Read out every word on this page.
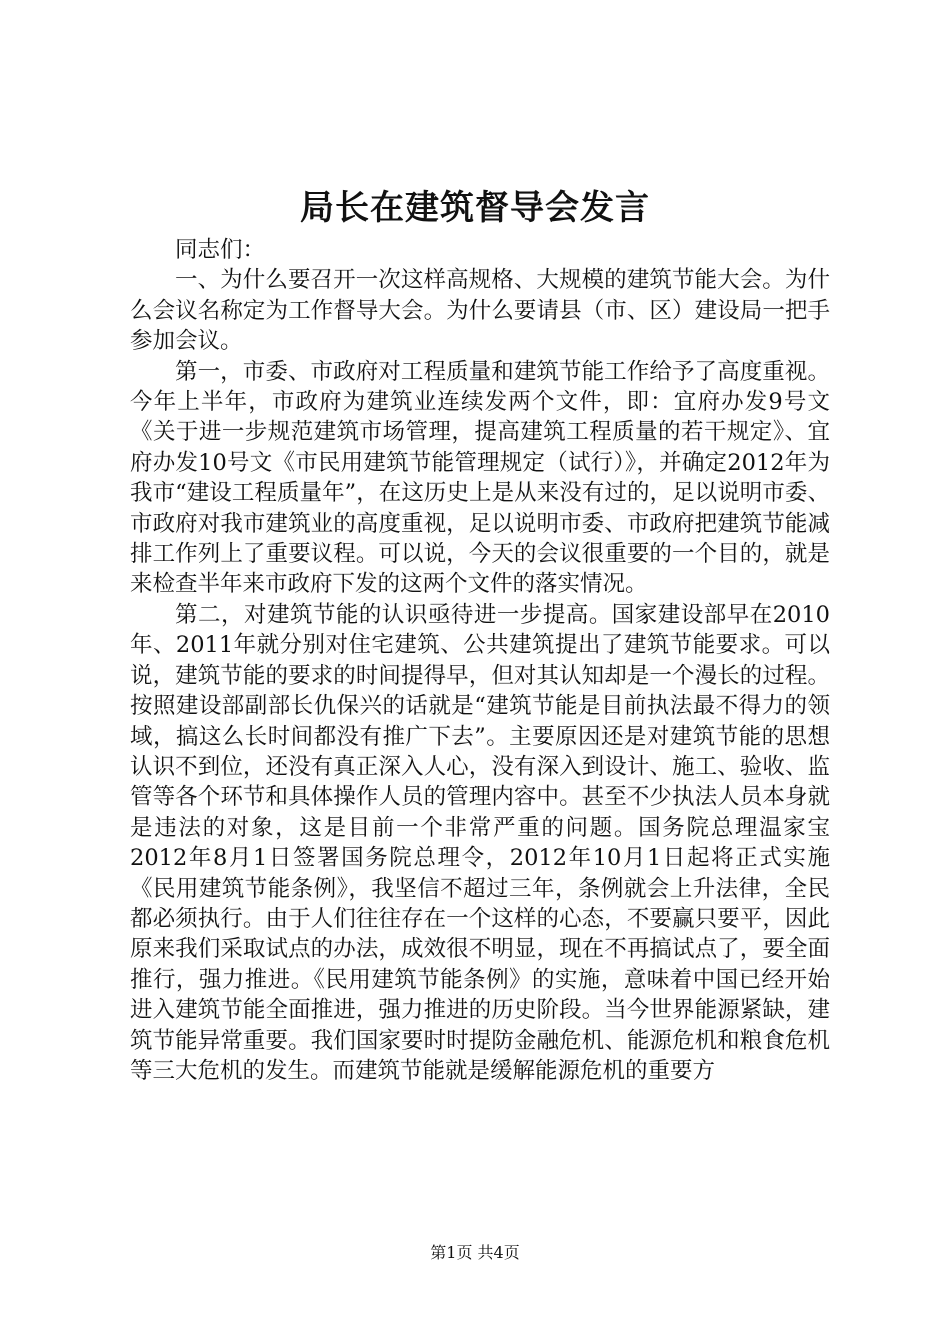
局长在建筑督导会发言

同志们：

一、为什么要召开一次这样高规格、大规模的建筑节能大会。为什么会议名称定为工作督导大会。为什么要请县（市、区）建设局一把手参加会议。

第一，市委、市政府对工程质量和建筑节能工作给予了高度重视。今年上半年，市政府为建筑业连续发两个文件，即：宜府办发9号文《关于进一步规范建筑市场管理，提高建筑工程质量的若干规定》、宜府办发10号文《市民用建筑节能管理规定（试行）》，并确定2012年为我市“建设工程质量年”，在这历史上是从来没有过的，足以说明市委、市政府对我市建筑业的高度重视，足以说明市委、市政府把建筑节能减排工作列上了重要议程。可以说，今天的会议很重要的一个目的，就是来检查半年来市政府下发的这两个文件的落实情况。

第二，对建筑节能的认识亟待进一步提高。国家建设部早在2010年、2011年就分别对住宅建筑、公共建筑提出了建筑节能要求。可以说，建筑节能的要求的时间提得早，但对其认知却是一个漫长的过程。按照建设部副部长仇保兴的话就是“建筑节能是目前执法最不得力的领域，搞这么长时间都没有推广下去”。主要原因还是对建筑节能的思想认识不到位，还没有真正深入人心，没有深入到设计、施工、验收、监管等各个环节和具体操作人员的管理内容中。甚至不少执法人员本身就是违法的对象，这是目前一个非常严重的问题。国务院总理温家宝2012年8月1日签署国务院总理令，2012年10月1日起将正式实施《民用建筑节能条例》，我坚信不超过三年，条例就会上升法律，全民都必须执行。由于人们往往存在一个这样的心态，不要赢只要平，因此原来我们采取试点的办法，成效很不明显，现在不再搞试点了，要全面推行，强力推进。《民用建筑节能条例》的实施，意味着中国已经开始进入建筑节能全面推进，强力推进的历史阶段。当今世界能源紧缺，建筑节能异常重要。我们国家要时时提防金融危机、能源危机和粮食危机等三大危机的发生。而建筑节能就是缓解能源危机的重要方

第1页 共4页
